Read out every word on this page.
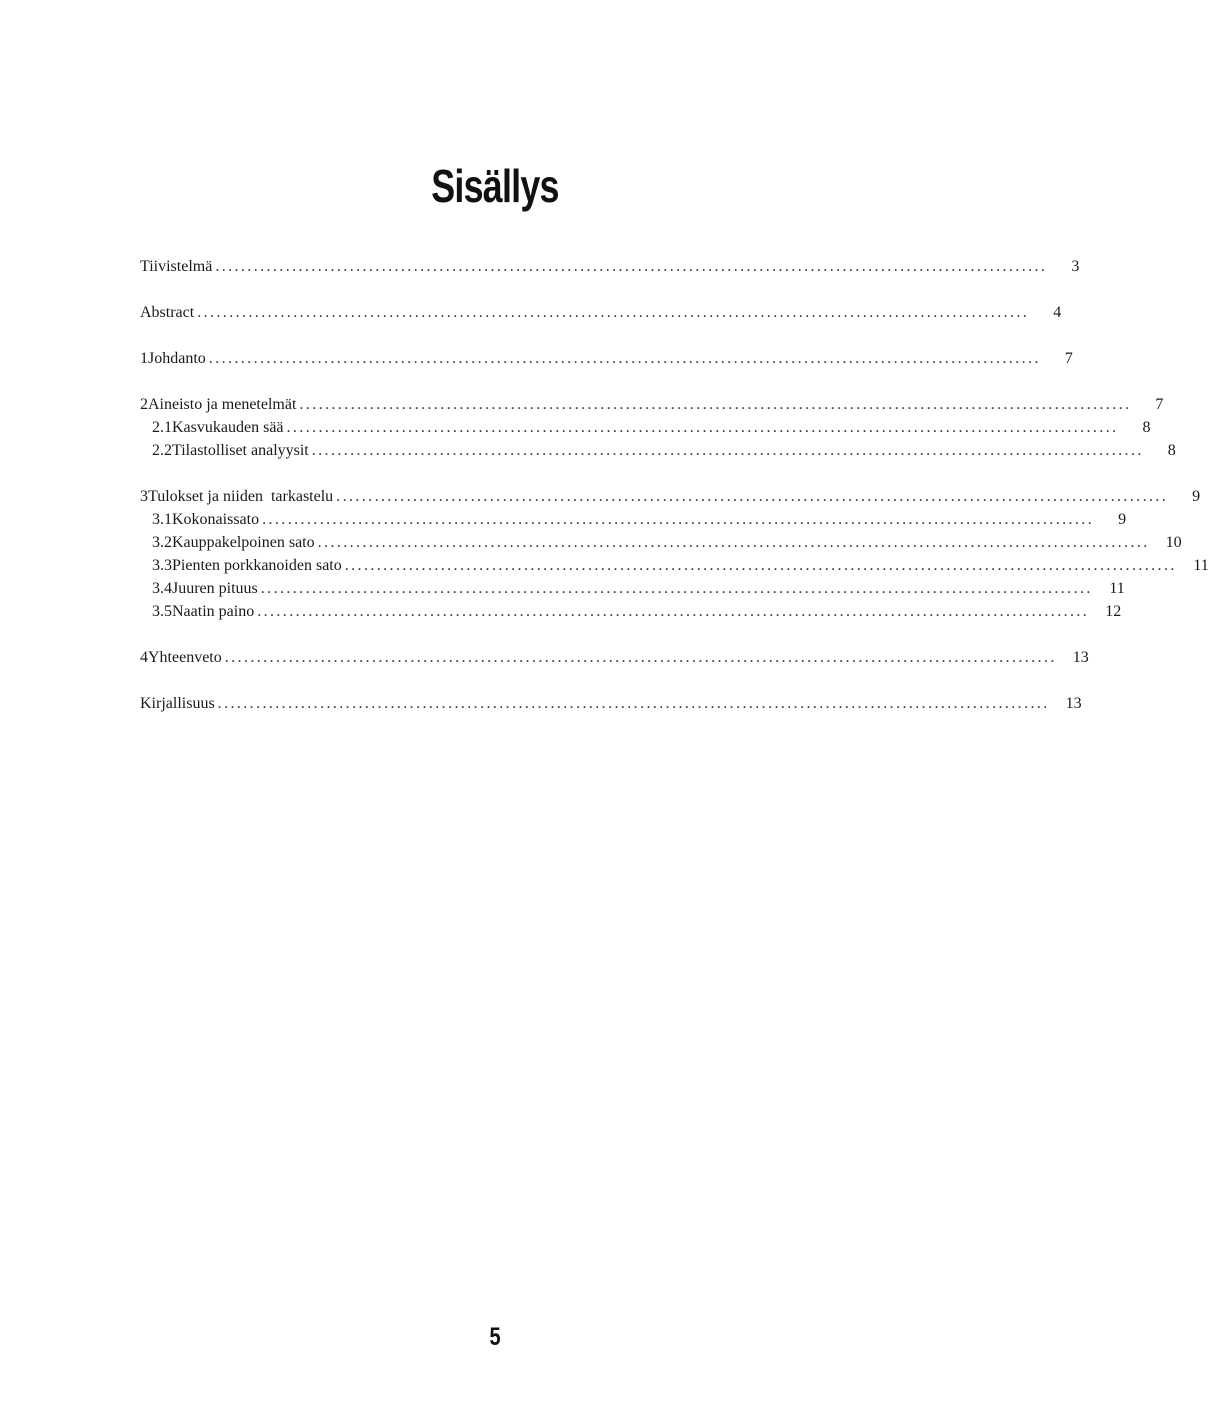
Sisällys
Tiivistelmä ..................................................................................................................................	3
Abstract ..................................................................................................................................	4
1 Johdanto ..................................................................................................................................	7
2 Aineisto ja menetelmät ..................................................................................................................................	7
2.1 Kasvukauden sää ..................................................................................................................................	8
2.2 Tilastolliset analyysit ..................................................................................................................................	8
3 Tulokset ja niiden  tarkastelu ..................................................................................................................................	9
3.1 Kokonaissato ..................................................................................................................................	9
3.2 Kauppakelpoinen sato .................................................................................................................................. 10
3.3 Pienten porkkanoiden sato .................................................................................................................................. 11
3.4 Juuren pituus .................................................................................................................................. 11
3.5 Naatin paino .................................................................................................................................. 12
4 Yhteenveto .................................................................................................................................. 13
Kirjallisuus .................................................................................................................................. 13
5
